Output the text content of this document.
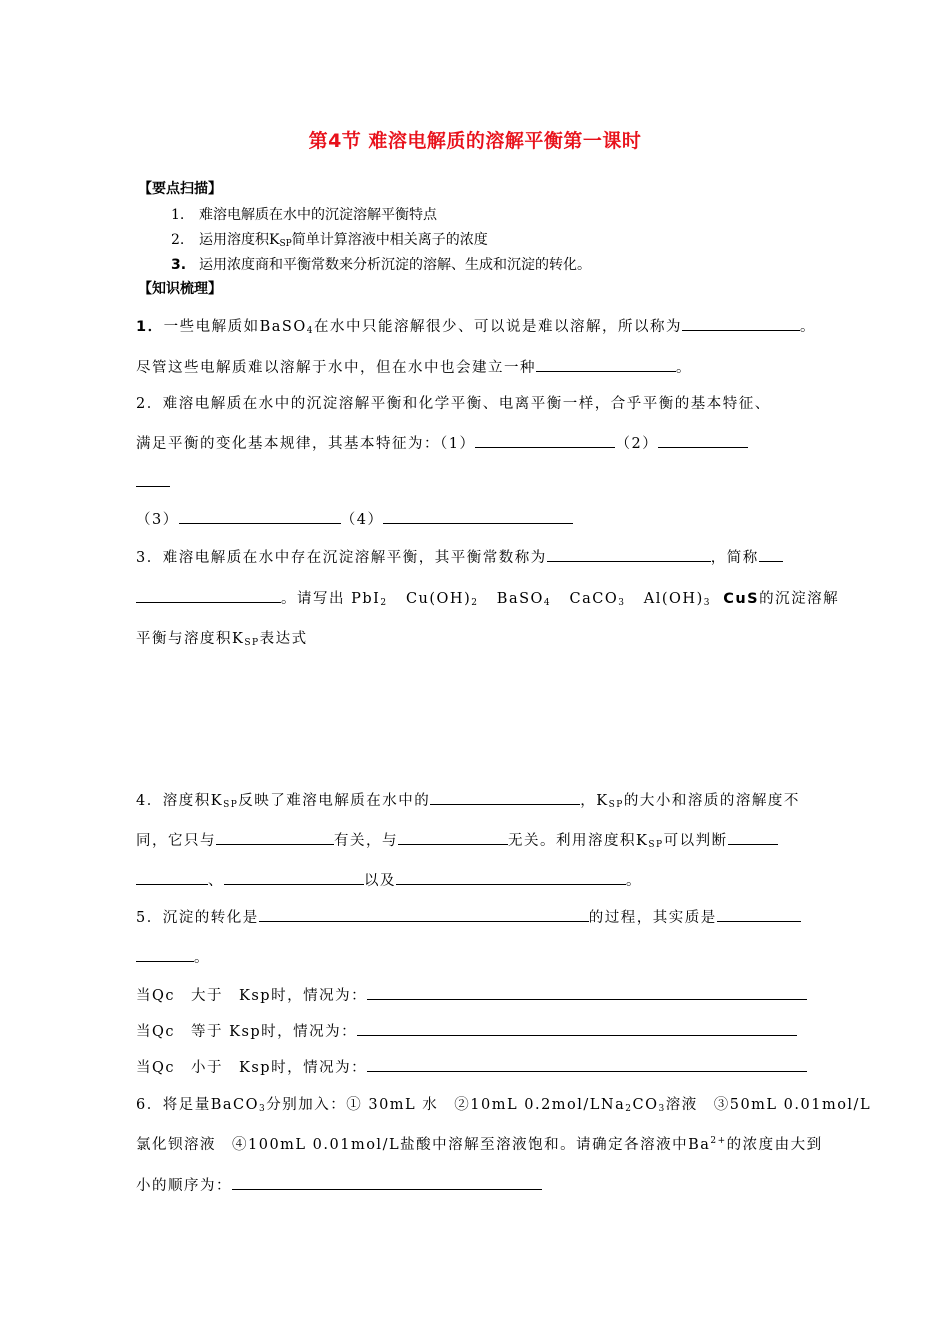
第4节 难溶电解质的溶解平衡第一课时
【要点扫描】
1. 难溶电解质在水中的沉淀溶解平衡特点
2. 运用溶度积$K_{SP}$简单计算溶液中相关离子的浓度
3. 运用浓度商和平衡常数来分析沉淀的溶解、生成和沉淀的转化。
【知识梳理】
1．一些电解质如BaSO$_4$在水中只能溶解很少、可以说是难以溶解，所以称为	。
尽管这些电解质难以溶解于水中，但在水中也会建立一种	。
2．难溶电解质在水中的沉淀溶解平衡和化学平衡、电离平衡一样，合乎平衡的基本特征、
满足平衡的变化基本规律，其基本特征为：（1）	（2）
（3）	（4）
3．难溶电解质在水中存在沉淀溶解平衡，其平衡常数称为	，简称
。请写出 PbI$_2$ $Cu(OH)_2$ BaSO$_4$ CaCO$_3$ $Al(OH)_3$ CuS的沉淀溶解
平衡与溶度积$K_{SP}$表达式
4．溶度积$K_{SP}$反映了难溶电解质在水中的	，$K_{SP}$的大小和溶质的溶解度不
同，它只与	有关，与	无关。利用溶度积$K_{SP}$可以判断
、	以及	。
5．沉淀的转化是	的过程，其实质是
。
当Qc　大于　Ksp时，情况为：
当Qc　等于 Ksp时，情况为：
当Qc　小于　Ksp时，情况为：
6．将足量BaCO$_3$分别加入：① 30mL 水　②10mL $0.2mol/LNa_2CO_3$溶液　③50mL 0.01mol/L
氯化钡溶液　④100mL 0.01mol/L盐酸中溶解至溶液饱和。请确定各溶液中$Ba^{2+}$的浓度由大到
小的顺序为：
